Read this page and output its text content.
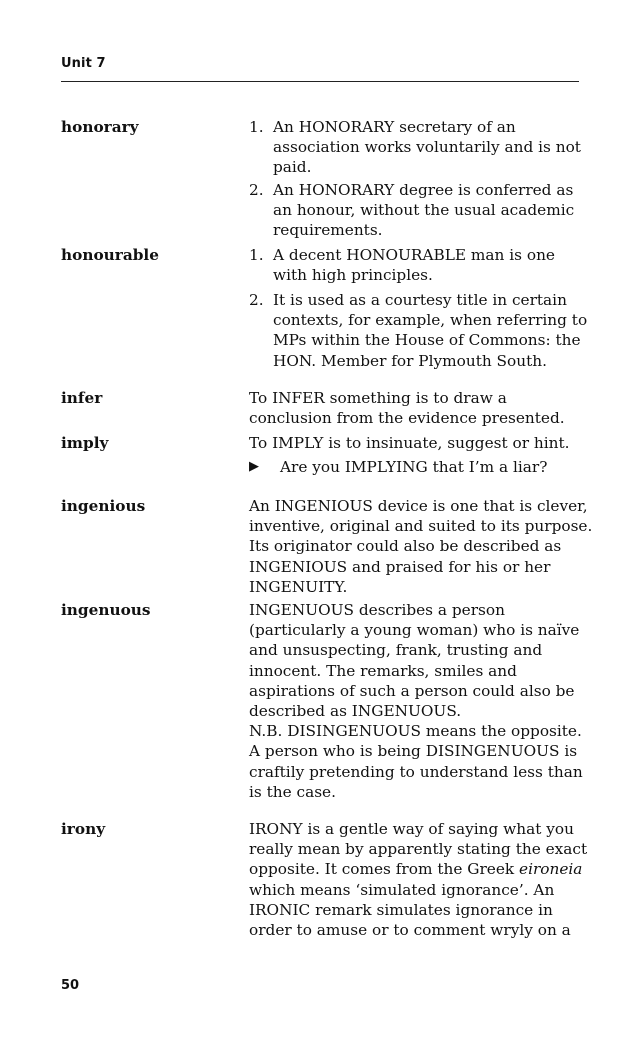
Unit 7
honorary	1. An HONORARY secretary of an
association works voluntarily and is not
paid.
2. An HONORARY degree is conferred as
an honour, without the usual academic
requirements.
honourable	1. A decent HONOURABLE man is one
with high principles.
2. It is used as a courtesy title in certain
contexts, for example, when referring to
MPs within the House of Commons: the
HON. Member for Plymouth South.
infer	To INFER something is to draw a
conclusion from the evidence presented.
imply	To IMPLY is to insinuate, suggest or hint.
▶ Are you IMPLYING that I’m a liar?
ingenious	An INGENIOUS device is one that is clever,
inventive, original and suited to its purpose.
Its originator could also be described as
INGENIOUS and praised for his or her
INGENUITY.
ingenuous	INGENUOUS describes a person
(particularly a young woman) who is naïve
and unsuspecting, frank, trusting and
innocent. The remarks, smiles and
aspirations of such a person could also be
described as INGENUOUS.
N.B. DISINGENUOUS means the opposite.
A person who is being DISINGENUOUS is
craftily pretending to understand less than
is the case.
irony	IRONY is a gentle way of saying what you
really mean by apparently stating the exact
opposite. It comes from the Greek eironeia
which means ‘simulated ignorance’. An
IRONIC remark simulates ignorance in
order to amuse or to comment wryly on a
50
